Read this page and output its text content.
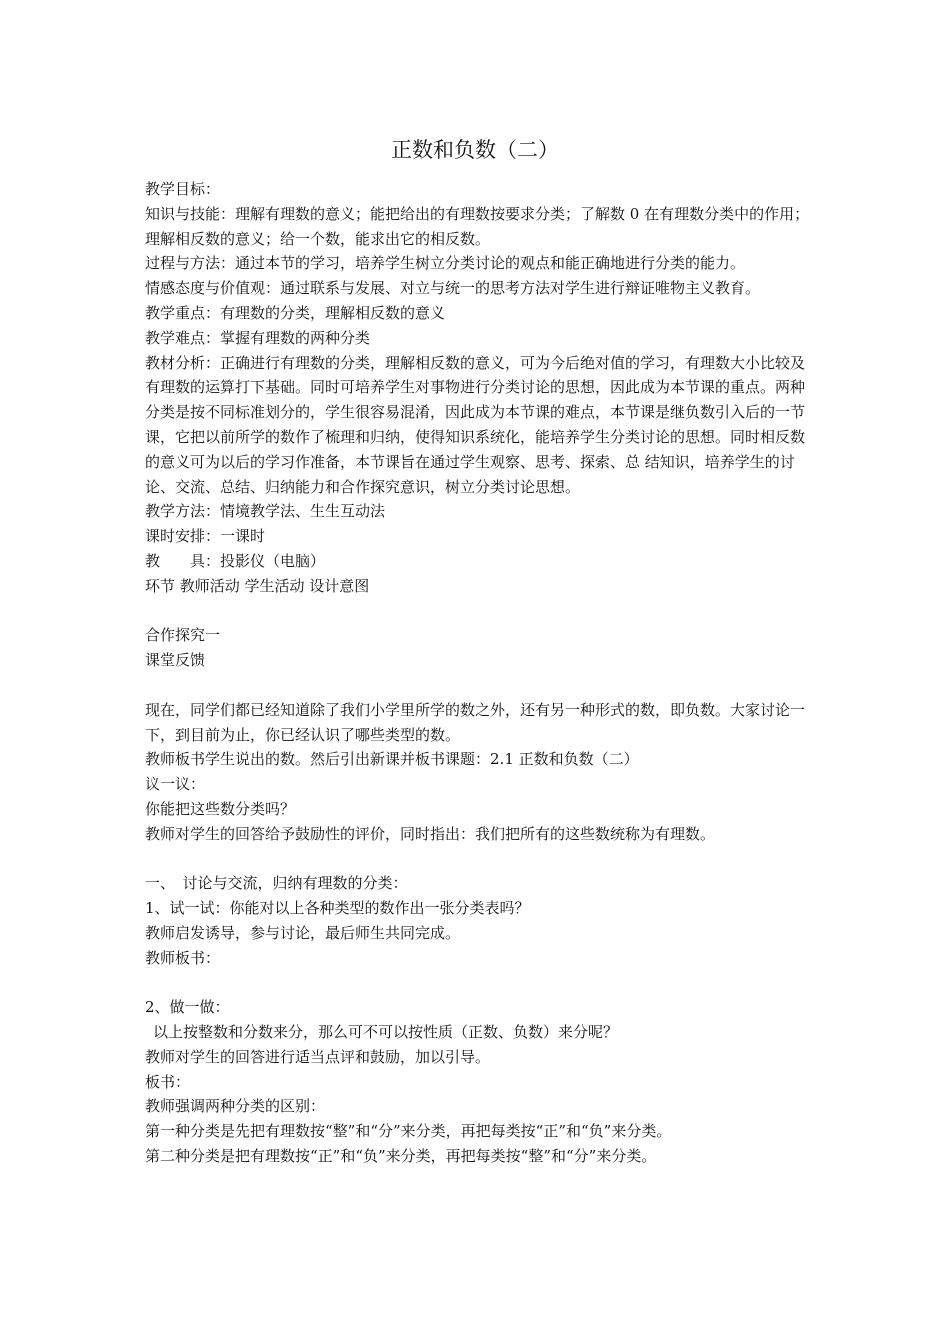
正数和负数（二）

教学目标：

知识与技能：理解有理数的意义；能把给出的有理数按要求分类；了解数 0 在有理数分类中的作用；理解相反数的意义；给一个数，能求出它的相反数。

过程与方法：通过本节的学习，培养学生树立分类讨论的观点和能正确地进行分类的能力。

情感态度与价值观：通过联系与发展、对立与统一的思考方法对学生进行辩证唯物主义教育。

教学重点：有理数的分类，理解相反数的意义

教学难点：掌握有理数的两种分类

教材分析：正确进行有理数的分类，理解相反数的意义，可为今后绝对值的学习，有理数大小比较及有理数的运算打下基础。同时可培养学生对事物进行分类讨论的思想，因此成为本节课的重点。两种分类是按不同标准划分的，学生很容易混淆，因此成为本节课的难点，本节课是继负数引入后的一节课，它把以前所学的数作了梳理和归纳，使得知识系统化，能培养学生分类讨论的思想。同时相反数的意义可为以后的学习作准备，本节课旨在通过学生观察、思考、探索、总 结知识，培养学生的讨论、交流、总结、归纳能力和合作探究意识，树立分类讨论思想。

教学方法：情境教学法、生生互动法

课时安排：一课时

教　　具：投影仪（电脑）

环节 教师活动 学生活动 设计意图

合作探究一

课堂反馈

现在，同学们都已经知道除了我们小学里所学的数之外，还有另一种形式的数，即负数。大家讨论一下，到目前为止，你已经认识了哪些类型的数。

教师板书学生说出的数。然后引出新课并板书课题：2.1 正数和负数（二）

议一议：

你能把这些数分类吗？

教师对学生的回答给予鼓励性的评价，同时指出：我们把所有的这些数统称为有理数。

一、　讨论与交流，归纳有理数的分类：

1、试一试：你能对以上各种类型的数作出一张分类表吗？

教师启发诱导，参与讨论，最后师生共同完成。

教师板书：

2、做一做：

以上按整数和分数来分，那么可不可以按性质（正数、负数）来分呢？

教师对学生的回答进行适当点评和鼓励，加以引导。

板书：

教师强调两种分类的区别：

第一种分类是先把有理数按“整”和“分”来分类，再把每类按“正”和“负”来分类。

第二种分类是把有理数按“正”和“负”来分类，再把每类按“整”和“分”来分类。
